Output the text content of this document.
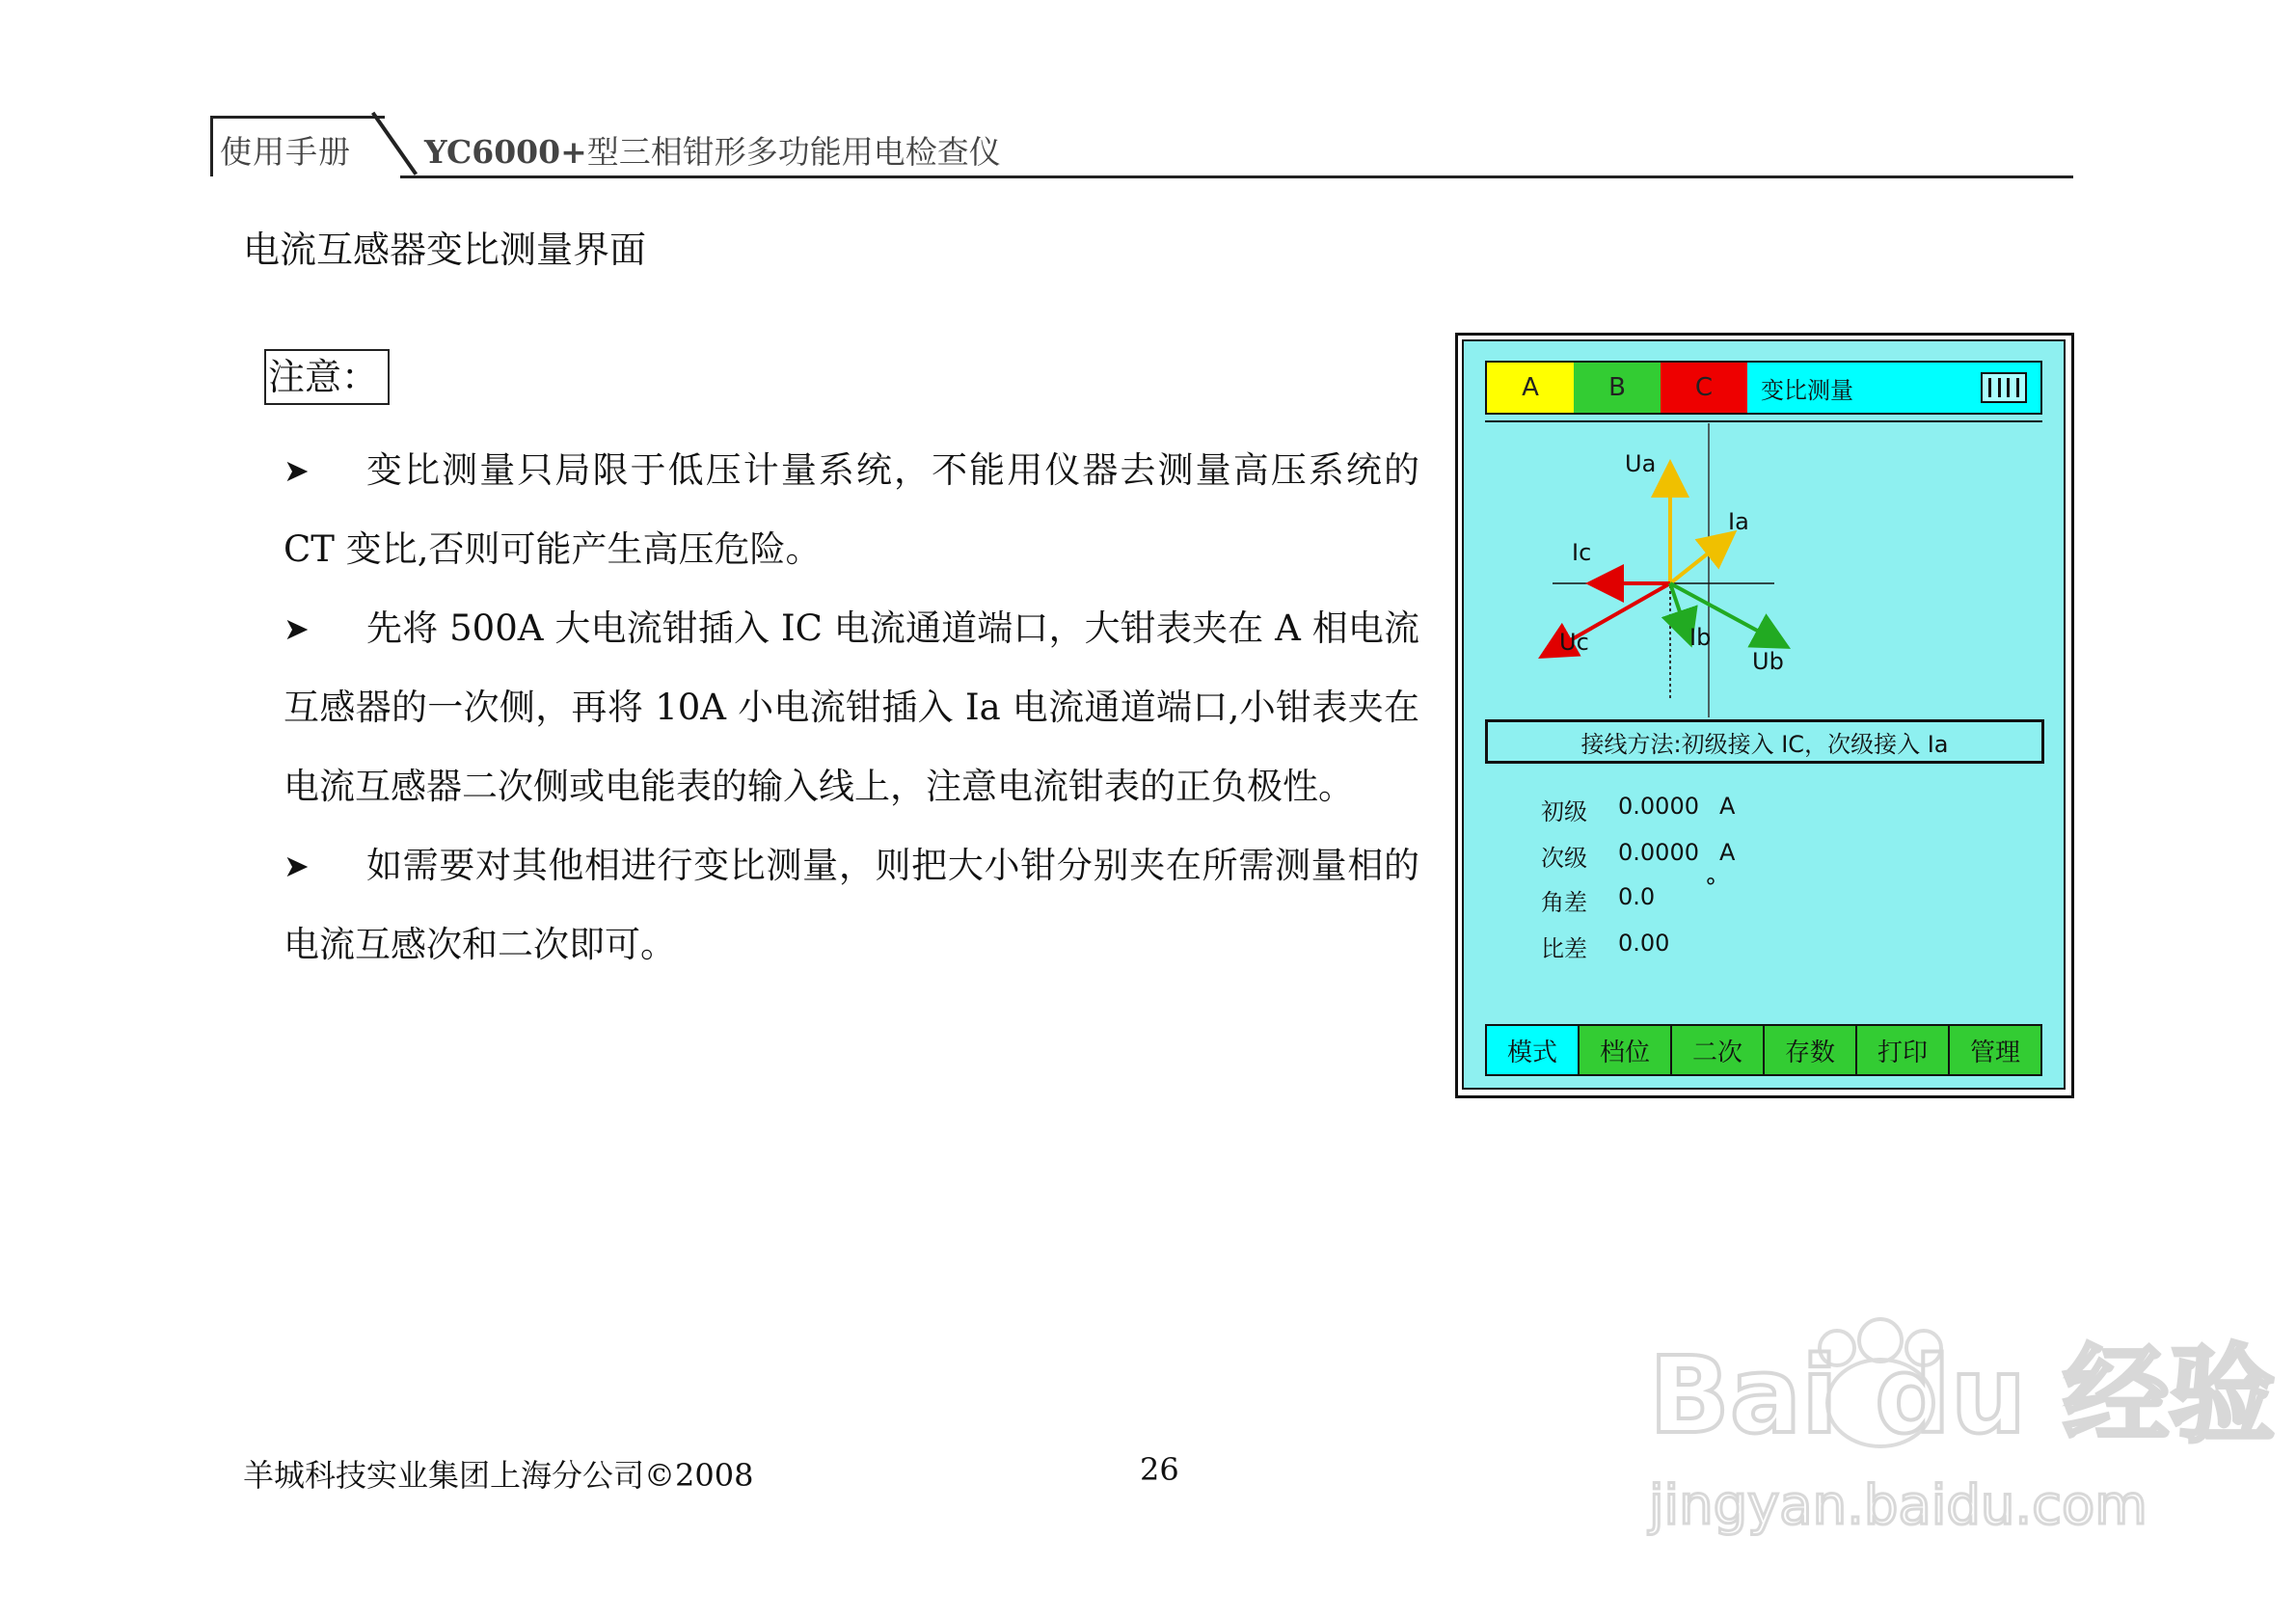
使用手册 YC6000+型三相钳形多功能用电检查仪
电流互感器变比测量界面
注意：
➤ 变比测量只局限于低压计量系统，不能用仪器去测量高压系统的 CT 变比,否则可能产生高压危险。
➤ 先将 500A 大电流钳插入 IC 电流通道端口，大钳表夹在 A 相电流互感器的一次侧，再将 10A 小电流钳插入 Ia 电流通道端口,小钳表夹在电流互感器二次侧或电能表的输入线上，注意电流钳表的正负极性。
➤ 如需要对其他相进行变比测量，则把大小钳分别夹在所需测量相的电流互感次和二次即可。
A	B	C	变比测量
Ua
Ia
Ic
Uc	Ib
Ub
接线方法:初级接入 IC，次级接入 Ia
初级	0.0000 A
次级	0.0000 A
角差	0.0	°
比差	0.00
模式	档位	二次	存数	打印	管理
羊城科技实业集团上海分公司©2008	26
Bai du 经验
jingyan.baidu.com
